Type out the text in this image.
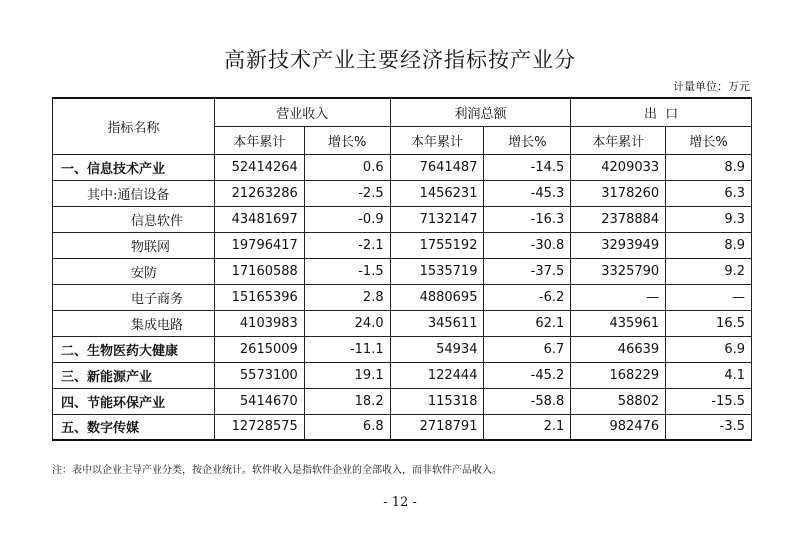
高新技术产业主要经济指标按产业分
计量单位：万元
指标名称	营业收入		利润总额		出  口	
	本年累计	增长%	本年累计	增长%	本年累计	增长%
一、信息技术产业	52414264	0.6	7641487	-14.5	4209033	8.9
其中:通信设备	21263286	-2.5	1456231	-45.3	3178260	6.3
信息软件	43481697	-0.9	7132147	-16.3	2378884	9.3
物联网	19796417	-2.1	1755192	-30.8	3293949	8.9
安防	17160588	-1.5	1535719	-37.5	3325790	9.2
电子商务	15165396	2.8	4880695	-6.2	—	—
集成电路	4103983	24.0	345611	62.1	435961	16.5
二、生物医药大健康	2615009	-11.1	54934	6.7	46639	6.9
三、新能源产业	5573100	19.1	122444	-45.2	168229	4.1
四、节能环保产业	5414670	18.2	115318	-58.8	58802	-15.5
五、数字传媒	12728575	6.8	2718791	2.1	982476	-3.5
注：表中以企业主导产业分类，按企业统计。软件收入是指软件企业的全部收入，而非软件产品收入。
- 12 -
